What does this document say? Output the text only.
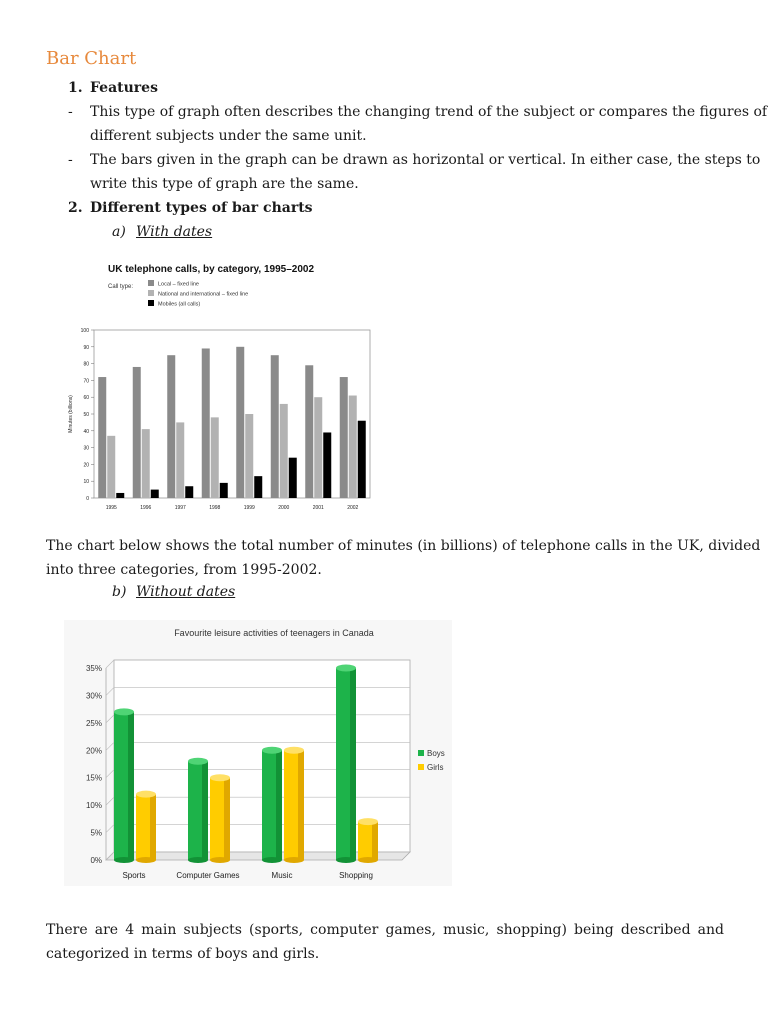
Bar Chart
1. Features
- This type of graph often describes the changing trend of the subject or compares the figures of
different subjects under the same unit.
- The bars given in the graph can be drawn as horizontal or vertical. In either case, the steps to
write this type of graph are the same.
2. Different types of bar charts
a) With dates
UK telephone calls, by category, 1995–2002
Call type:	Local – fixed line
National and international – fixed line
Mobiles (all calls)
Minutes (billions)
0
10
20
30
40
50
60
70
80
90
100
1995	1996	1997	1998	1999	2000	2001	2002
The chart below shows the total number of minutes (in billions) of telephone calls in the UK, divided
into three categories, from 1995-2002.
b) Without dates
Favourite leisure activities of teenagers in Canada
0%
5%
10%
15%
20%
25%
30%
35%
Sports	Computer Games	Music	Shopping
Boys
Girls
There are 4 main subjects (sports, computer games, music, shopping) being described and
categorized in terms of boys and girls.
